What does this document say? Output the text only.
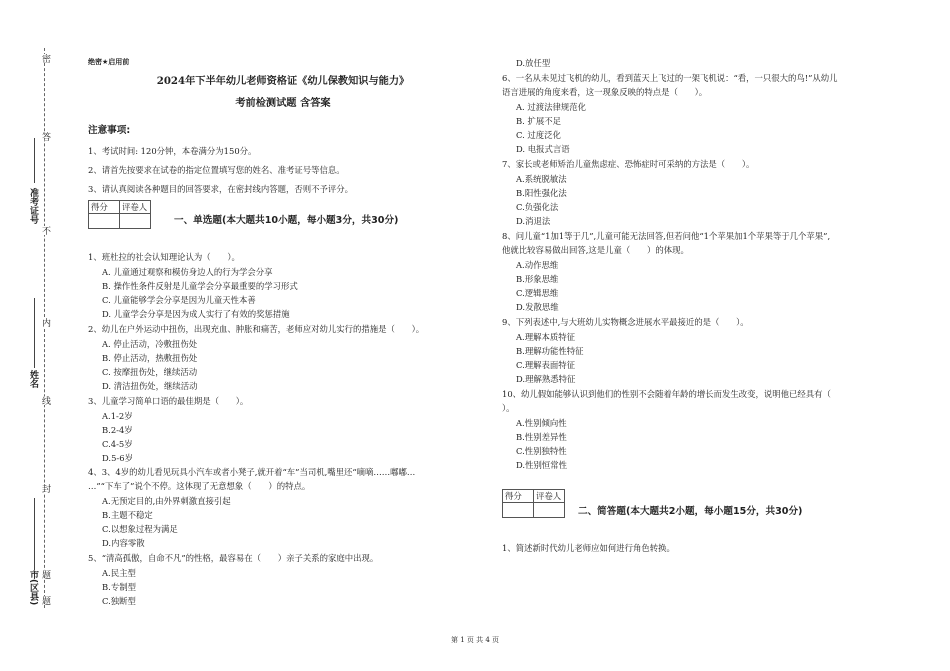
密
答
准考证号
不
内
姓名
线
封
市(区县) 题
题
绝密★启用前
2024年下半年幼儿老师资格证《幼儿保教知识与能力》
考前检测试题 含答案
注意事项:
1、考试时间: 120分钟，本卷满分为150分。
2、请首先按要求在试卷的指定位置填写您的姓名、准考证号等信息。
3、请认真阅读各种题目的回答要求，在密封线内答题，否则不予评分。
得分	评卷人

一、单选题(本大题共10小题，每小题3分，共30分)
1、班杜拉的社会认知理论认为（　　）。
A. 儿童通过观察和模仿身边人的行为学会分享
B. 操作性条件反射是儿童学会分享最重要的学习形式
C. 儿童能够学会分享是因为儿童天性本善
D. 儿童学会分享是因为成人实行了有效的奖惩措施
2、幼儿在户外运动中扭伤，出现充血、肿胀和痛苦，老师应对幼儿实行的措施是（　　）。
A. 停止活动，冷敷扭伤处
B. 停止活动，热敷扭伤处
C. 按摩扭伤处，继续活动
D. 清洁扭伤处，继续活动
3、儿童学习简单口语的最佳期是（　　）。
A.1-2岁
B.2-4岁
C.4-5岁
D.5-6岁
4、3、4岁的幼儿看见玩具小汽车或者小凳子,就开着“车”当司机,嘴里还“嘀嘀……嘟嘟…
…”“下车了”说个不停。这体现了无意想象（　　）的特点。
A.无预定目的,由外界刺激直接引起
B.主题不稳定
C.以想象过程为满足
D.内容零散
5、“清高孤傲，自命不凡”的性格，最容易在（　　）亲子关系的家庭中出现。
A.民主型
B.专制型
C.独断型
D.放任型
6、一名从未见过飞机的幼儿，看到蓝天上飞过的一架飞机说：“看，一只很大的鸟!”从幼儿
语言进展的角度来看，这一现象反映的特点是（　　）。
A. 过渡法律规范化
B. 扩展不足
C. 过度泛化
D. 电报式言语
7、家长或老师矫治儿童焦虑症、恐怖症时可采纳的方法是（　　）。
A.系统脱敏法
B.阳性强化法
C.负强化法
D.消退法
8、问儿童“1加1等于几”,儿童可能无法回答,但若问他“1个苹果加1个苹果等于几个苹果”,
他就比较容易做出回答,这是儿童（　　）的体现。
A.动作思维
B.形象思维
C.逻辑思维
D.发散思维
9、下列表述中,与大班幼儿实物概念进展水平最接近的是（　　）。
A.理解本质特征
B.理解功能性特征
C.理解表面特征
D.理解熟悉特征
10、幼儿假如能够认识到他们的性别不会随着年龄的增长而发生改变，说明他已经具有（
）。
A.性别倾向性
B.性别差异性
C.性别独特性
D.性别恒常性
得分	评卷人

二、简答题(本大题共2小题，每小题15分，共30分)
1、简述新时代幼儿老师应如何进行角色转换。
第 1 页 共 4 页
